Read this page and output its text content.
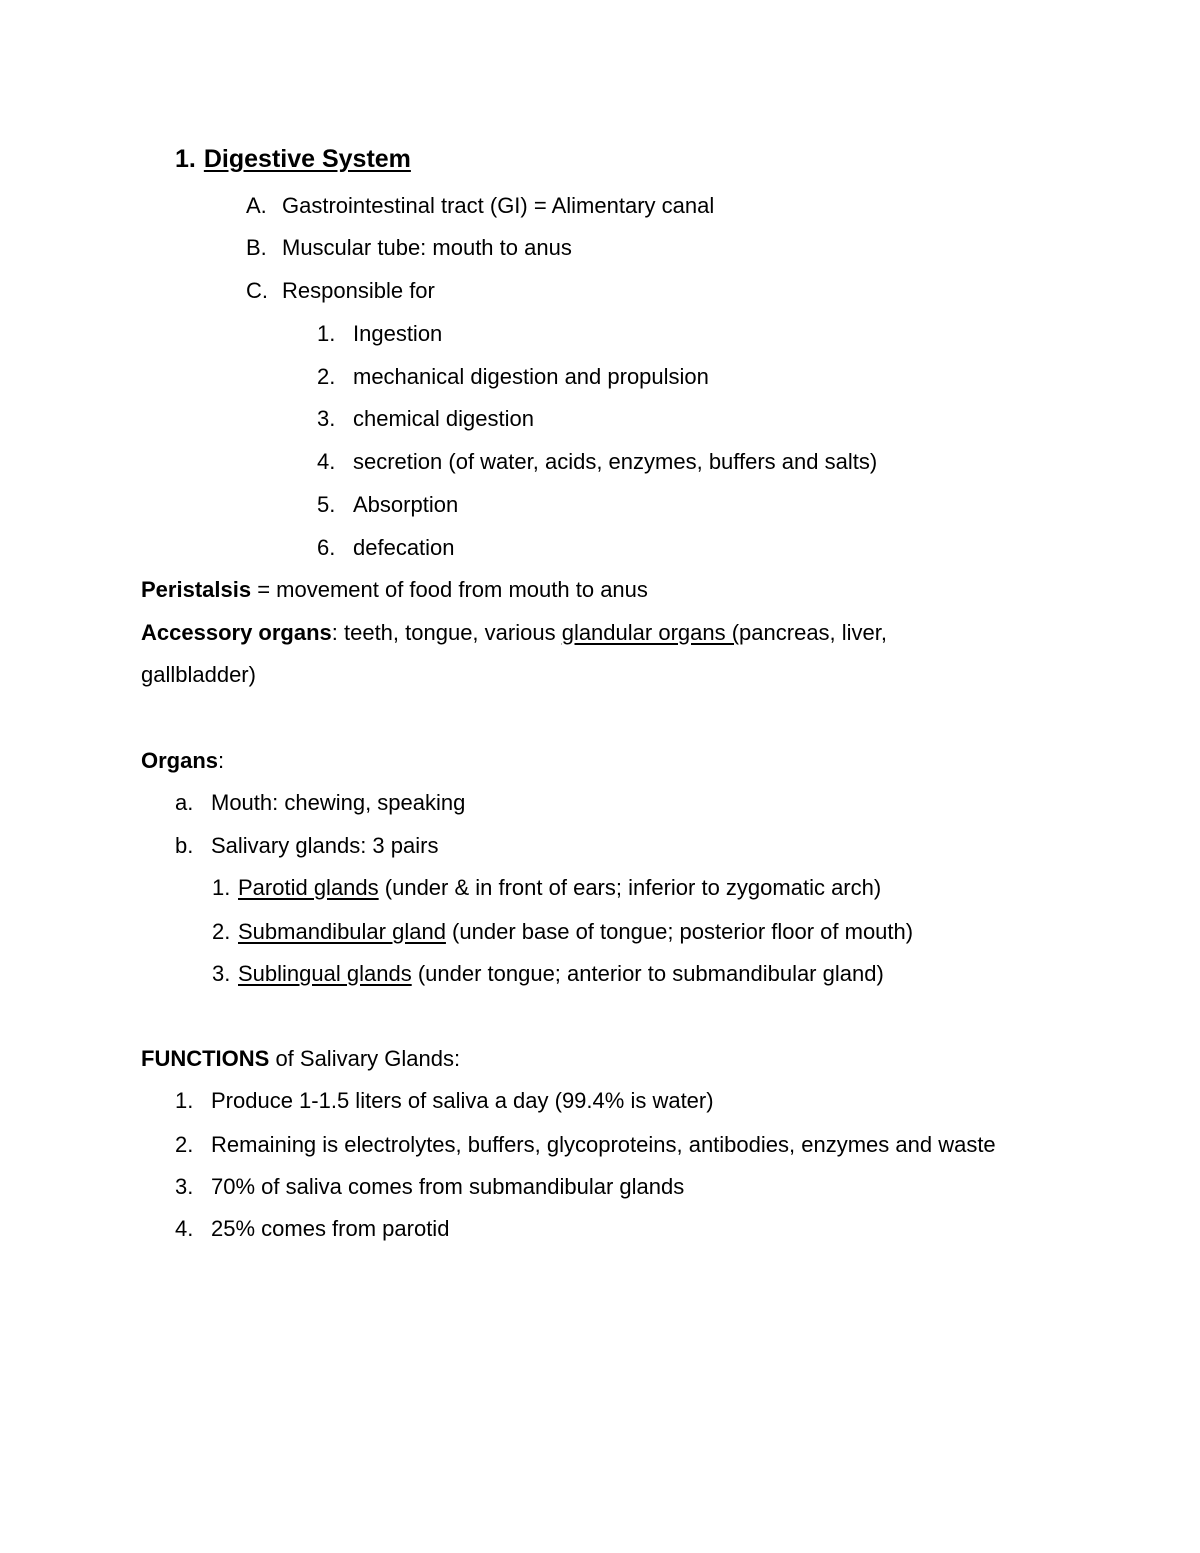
1. Digestive System
A. Gastrointestinal tract (GI) = Alimentary canal
B. Muscular tube: mouth to anus
C. Responsible for
1. Ingestion
2. mechanical digestion and propulsion
3. chemical digestion
4. secretion (of water, acids, enzymes, buffers and salts)
5. Absorption
6. defecation
Peristalsis = movement of food from mouth to anus
Accessory organs: teeth, tongue, various glandular organs (pancreas, liver,
gallbladder)
Organs:
a. Mouth: chewing, speaking
b. Salivary glands: 3 pairs
1. Parotid glands (under & in front of ears; inferior to zygomatic arch)
2. Submandibular gland (under base of tongue; posterior floor of mouth)
3. Sublingual glands (under tongue; anterior to submandibular gland)
FUNCTIONS of Salivary Glands:
1. Produce 1-1.5 liters of saliva a day (99.4% is water)
2. Remaining is electrolytes, buffers, glycoproteins, antibodies, enzymes and waste
3. 70% of saliva comes from submandibular glands
4. 25% comes from parotid
